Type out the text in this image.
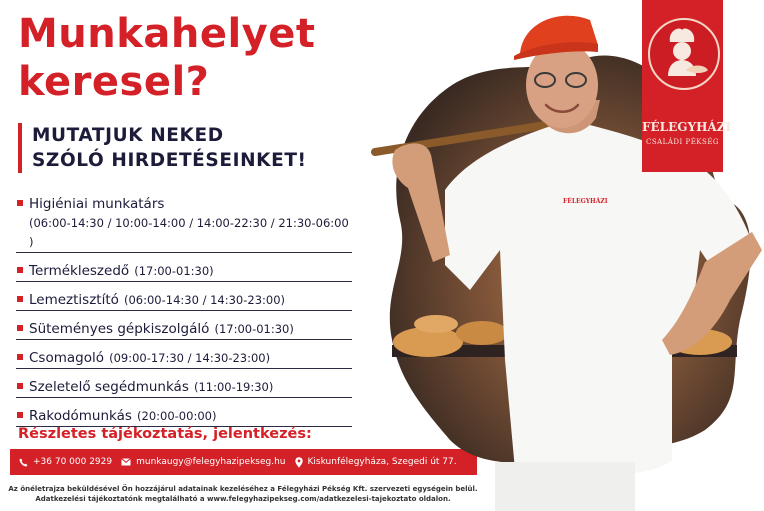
Munkahelyet
keresel?
MUTATJUK NEKED
SZÓLÓ HIRDETÉSEINKET!
Higiéniai munkatárs
(06:00-14:30 / 10:00-14:00 / 14:00-22:30 / 21:30-06:00 )
Termékleszedő (17:00-01:30)
Lemeztisztító (06:00-14:30 / 14:30-23:00)
Süteményes gépkiszolgáló (17:00-01:30)
Csomagoló (09:00-17:30 / 14:30-23:00)
Szeletelő segédmunkás (11:00-19:30)
Rakodómunkás (20:00-00:00)
Részletes tájékoztatás, jelentkezés:
+36 70 000 2929	munkaugy@felegyhazipekseg.hu Kiskunfélegyháza, Szegedi út 77.
Az önéletrajza beküldésével Ön hozzájárul adatainak kezeléséhez a Félegyházi Pékség Kft. szervezeti egységein belül.
Adatkezelési tájékoztatónk megtalálható a www.felegyhazipekseg.com/adatkezelesi-tajekoztato oldalon.
FÉLEGYHÁZI
FÉLEGYHÁZI
CSALÁDI PÉKSÉG
